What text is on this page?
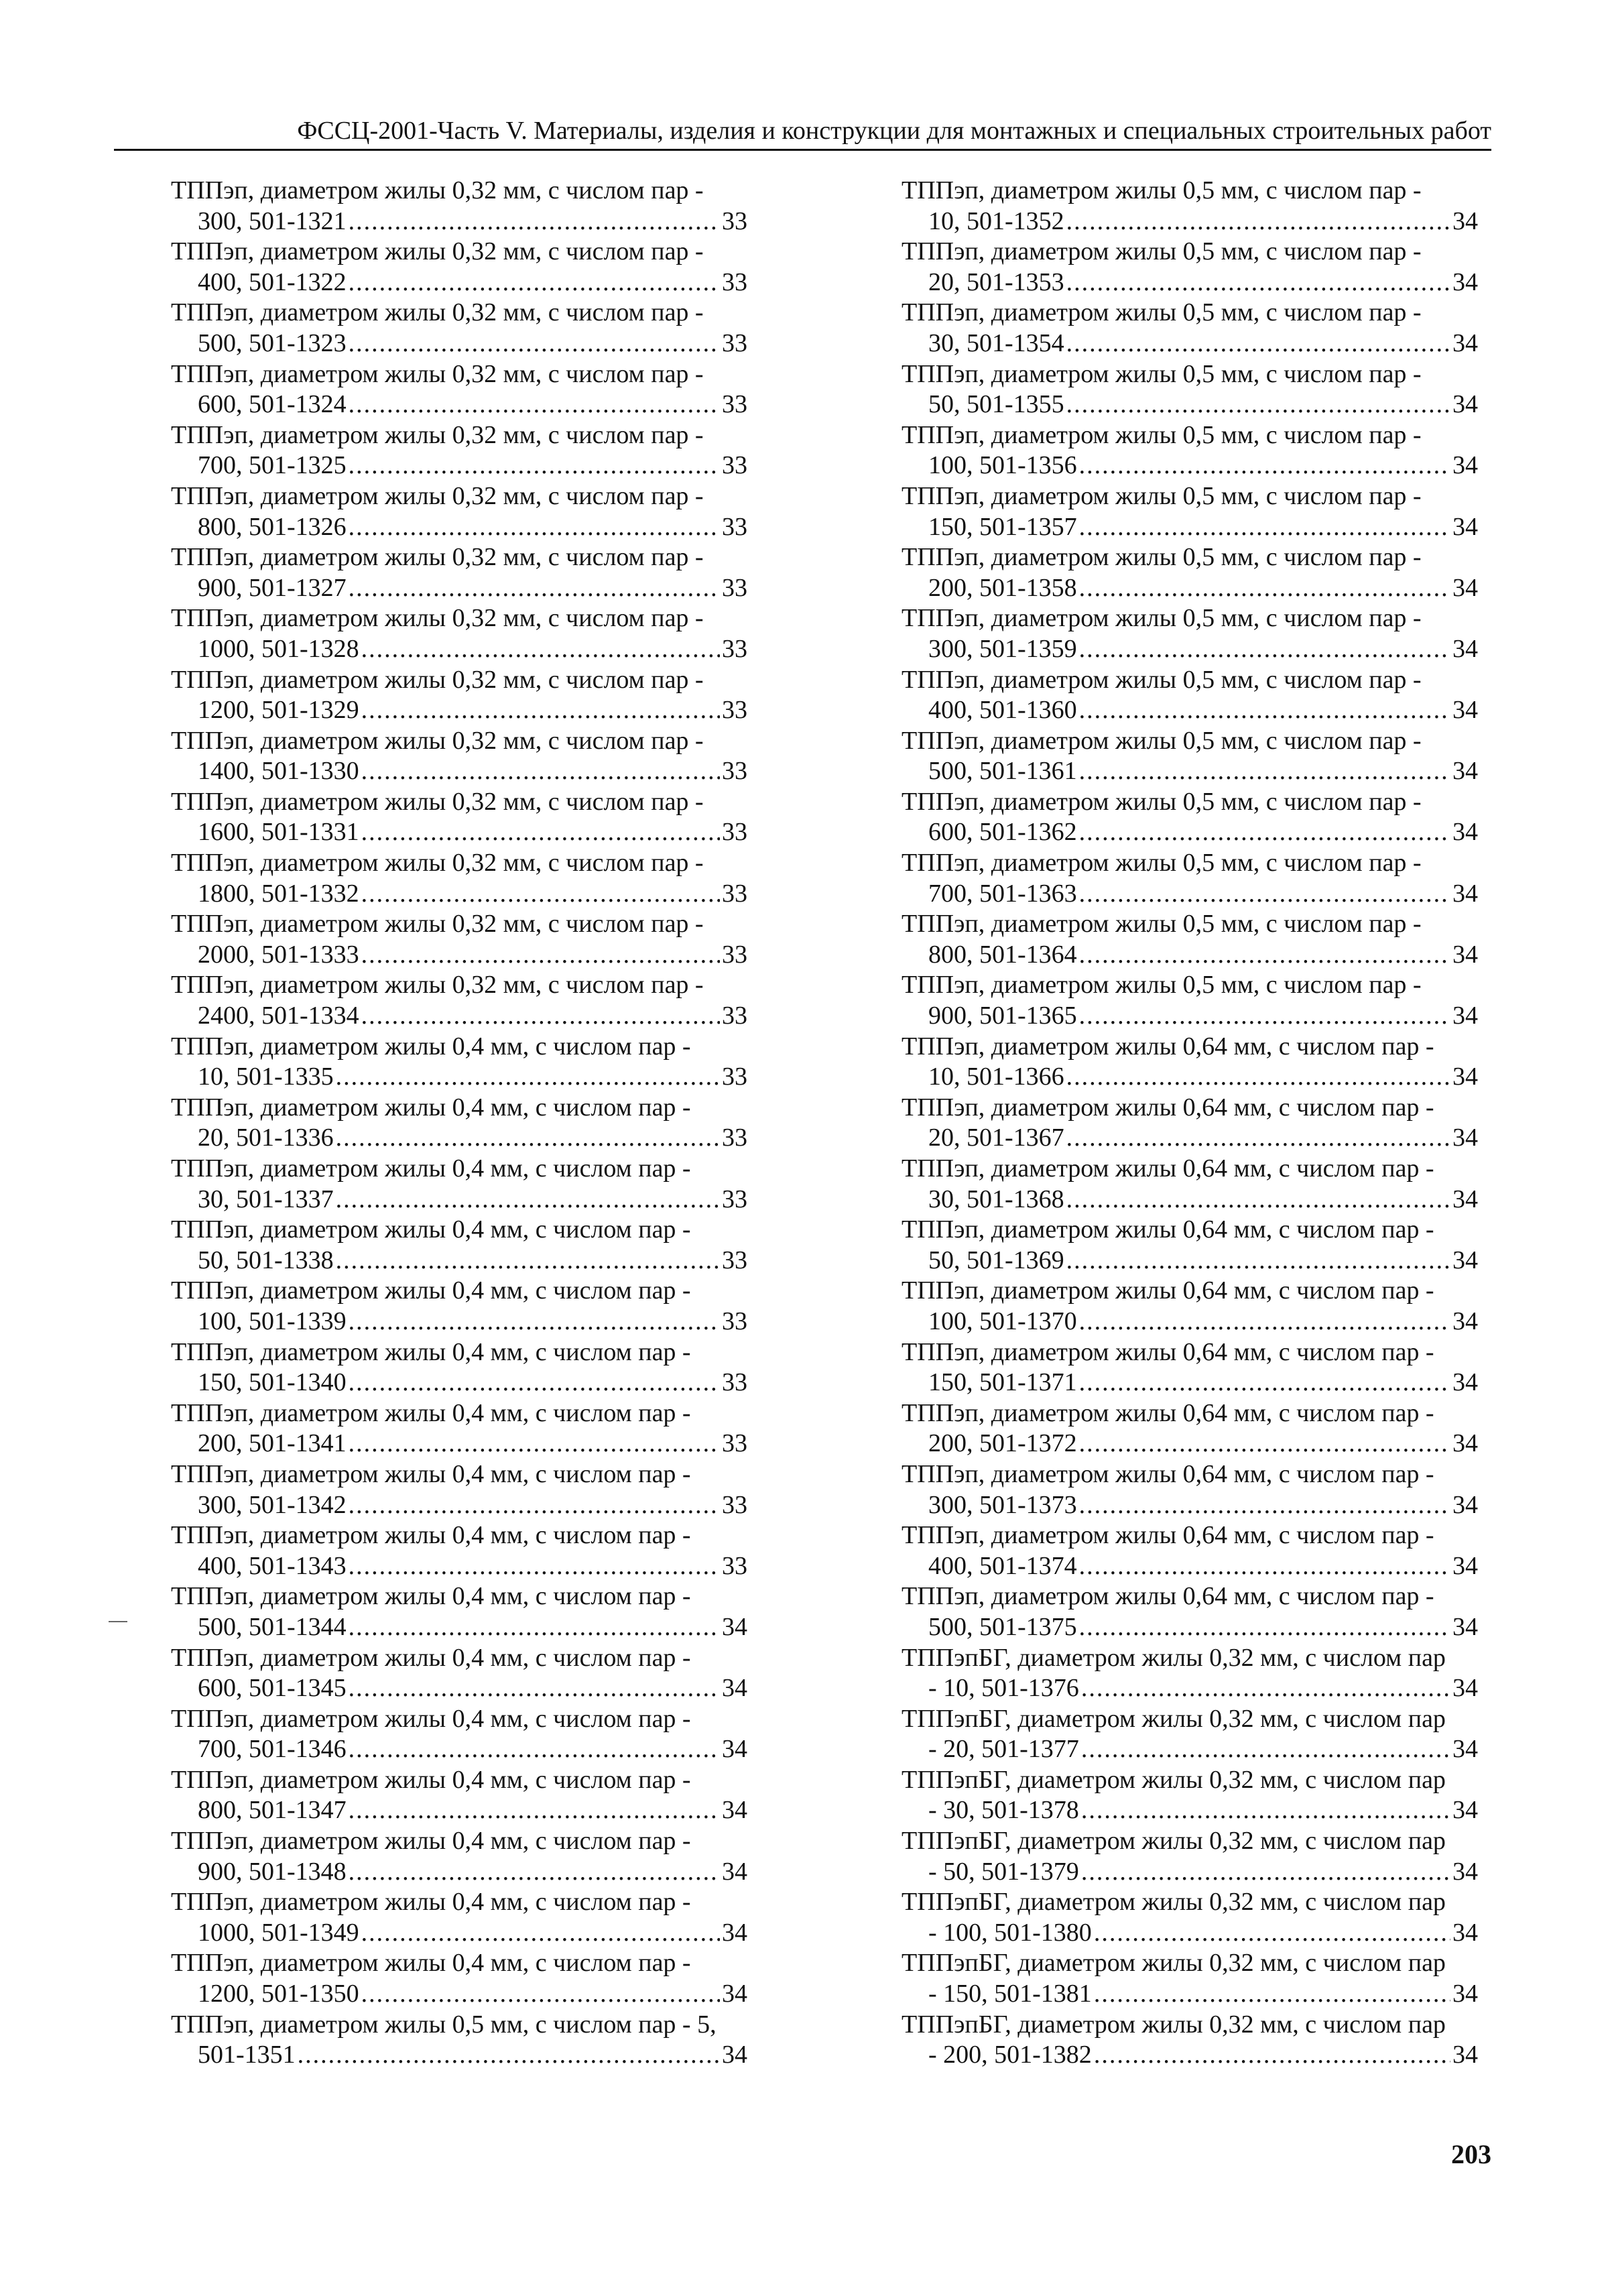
ФССЦ-2001-Часть V. Материалы, изделия и конструкции для монтажных и специальных строительных работ
ТППэп, диаметром жилы 0,32 мм, с числом пар -
300, 501-1321 .....	33
ТППэп, диаметром жилы 0,32 мм, с числом пар -
400, 501-1322 .....	33
ТППэп, диаметром жилы 0,32 мм, с числом пар -
500, 501-1323 .....	33
ТППэп, диаметром жилы 0,32 мм, с числом пар -
600, 501-1324 .....	33
ТППэп, диаметром жилы 0,32 мм, с числом пар -
700, 501-1325 .....	33
ТППэп, диаметром жилы 0,32 мм, с числом пар -
800, 501-1326 .....	33
ТППэп, диаметром жилы 0,32 мм, с числом пар -
900, 501-1327 .....	33
ТППэп, диаметром жилы 0,32 мм, с числом пар -
1000, 501-1328 .....	33
ТППэп, диаметром жилы 0,32 мм, с числом пар -
1200, 501-1329 .....	33
ТППэп, диаметром жилы 0,32 мм, с числом пар -
1400, 501-1330 .....	33
ТППэп, диаметром жилы 0,32 мм, с числом пар -
1600, 501-1331 .....	33
ТППэп, диаметром жилы 0,32 мм, с числом пар -
1800, 501-1332 .....	33
ТППэп, диаметром жилы 0,32 мм, с числом пар -
2000, 501-1333 .....	33
ТППэп, диаметром жилы 0,32 мм, с числом пар -
2400, 501-1334 .....	33
ТППэп, диаметром жилы 0,4 мм, с числом пар -
10, 501-1335 .....	33
ТППэп, диаметром жилы 0,4 мм, с числом пар -
20, 501-1336 .....	33
ТППэп, диаметром жилы 0,4 мм, с числом пар -
30, 501-1337 .....	33
ТППэп, диаметром жилы 0,4 мм, с числом пар -
50, 501-1338 .....	33
ТППэп, диаметром жилы 0,4 мм, с числом пар -
100, 501-1339 .....	33
ТППэп, диаметром жилы 0,4 мм, с числом пар -
150, 501-1340 .....	33
ТППэп, диаметром жилы 0,4 мм, с числом пар -
200, 501-1341 .....	33
ТППэп, диаметром жилы 0,4 мм, с числом пар -
300, 501-1342 .....	33
ТППэп, диаметром жилы 0,4 мм, с числом пар -
400, 501-1343 .....	33
ТППэп, диаметром жилы 0,4 мм, с числом пар -
500, 501-1344 .....	34
ТППэп, диаметром жилы 0,4 мм, с числом пар -
600, 501-1345 .....	34
ТППэп, диаметром жилы 0,4 мм, с числом пар -
700, 501-1346 .....	34
ТППэп, диаметром жилы 0,4 мм, с числом пар -
800, 501-1347 .....	34
ТППэп, диаметром жилы 0,4 мм, с числом пар -
900, 501-1348 .....	34
ТППэп, диаметром жилы 0,4 мм, с числом пар -
1000, 501-1349 .....	34
ТППэп, диаметром жилы 0,4 мм, с числом пар -
1200, 501-1350 .....	34
ТППэп, диаметром жилы 0,5 мм, с числом пар - 5,
501-1351 .....	34
ТППэп, диаметром жилы 0,5 мм, с числом пар -
10, 501-1352 .....	34
ТППэп, диаметром жилы 0,5 мм, с числом пар -
20, 501-1353 .....	34
ТППэп, диаметром жилы 0,5 мм, с числом пар -
30, 501-1354 .....	34
ТППэп, диаметром жилы 0,5 мм, с числом пар -
50, 501-1355 .....	34
ТППэп, диаметром жилы 0,5 мм, с числом пар -
100, 501-1356 .....	34
ТППэп, диаметром жилы 0,5 мм, с числом пар -
150, 501-1357 .....	34
ТППэп, диаметром жилы 0,5 мм, с числом пар -
200, 501-1358 .....	34
ТППэп, диаметром жилы 0,5 мм, с числом пар -
300, 501-1359 .....	34
ТППэп, диаметром жилы 0,5 мм, с числом пар -
400, 501-1360 .....	34
ТППэп, диаметром жилы 0,5 мм, с числом пар -
500, 501-1361 .....	34
ТППэп, диаметром жилы 0,5 мм, с числом пар -
600, 501-1362 .....	34
ТППэп, диаметром жилы 0,5 мм, с числом пар -
700, 501-1363 .....	34
ТППэп, диаметром жилы 0,5 мм, с числом пар -
800, 501-1364 .....	34
ТППэп, диаметром жилы 0,5 мм, с числом пар -
900, 501-1365 .....	34
ТППэп, диаметром жилы 0,64 мм, с числом пар -
10, 501-1366 .....	34
ТППэп, диаметром жилы 0,64 мм, с числом пар -
20, 501-1367 .....	34
ТППэп, диаметром жилы 0,64 мм, с числом пар -
30, 501-1368 .....	34
ТППэп, диаметром жилы 0,64 мм, с числом пар -
50, 501-1369 .....	34
ТППэп, диаметром жилы 0,64 мм, с числом пар -
100, 501-1370 .....	34
ТППэп, диаметром жилы 0,64 мм, с числом пар -
150, 501-1371 .....	34
ТППэп, диаметром жилы 0,64 мм, с числом пар -
200, 501-1372 .....	34
ТППэп, диаметром жилы 0,64 мм, с числом пар -
300, 501-1373 .....	34
ТППэп, диаметром жилы 0,64 мм, с числом пар -
400, 501-1374 .....	34
ТППэп, диаметром жилы 0,64 мм, с числом пар -
500, 501-1375 .....	34
ТППэпБГ, диаметром жилы 0,32 мм, с числом пар
- 10, 501-1376 .....	34
ТППэпБГ, диаметром жилы 0,32 мм, с числом пар
- 20, 501-1377 .....	34
ТППэпБГ, диаметром жилы 0,32 мм, с числом пар
- 30, 501-1378 .....	34
ТППэпБГ, диаметром жилы 0,32 мм, с числом пар
- 50, 501-1379 .....	34
ТППэпБГ, диаметром жилы 0,32 мм, с числом пар
- 100, 501-1380 .....	34
ТППэпБГ, диаметром жилы 0,32 мм, с числом пар
- 150, 501-1381 .....	34
ТППэпБГ, диаметром жилы 0,32 мм, с числом пар
- 200, 501-1382 .....	34
203
